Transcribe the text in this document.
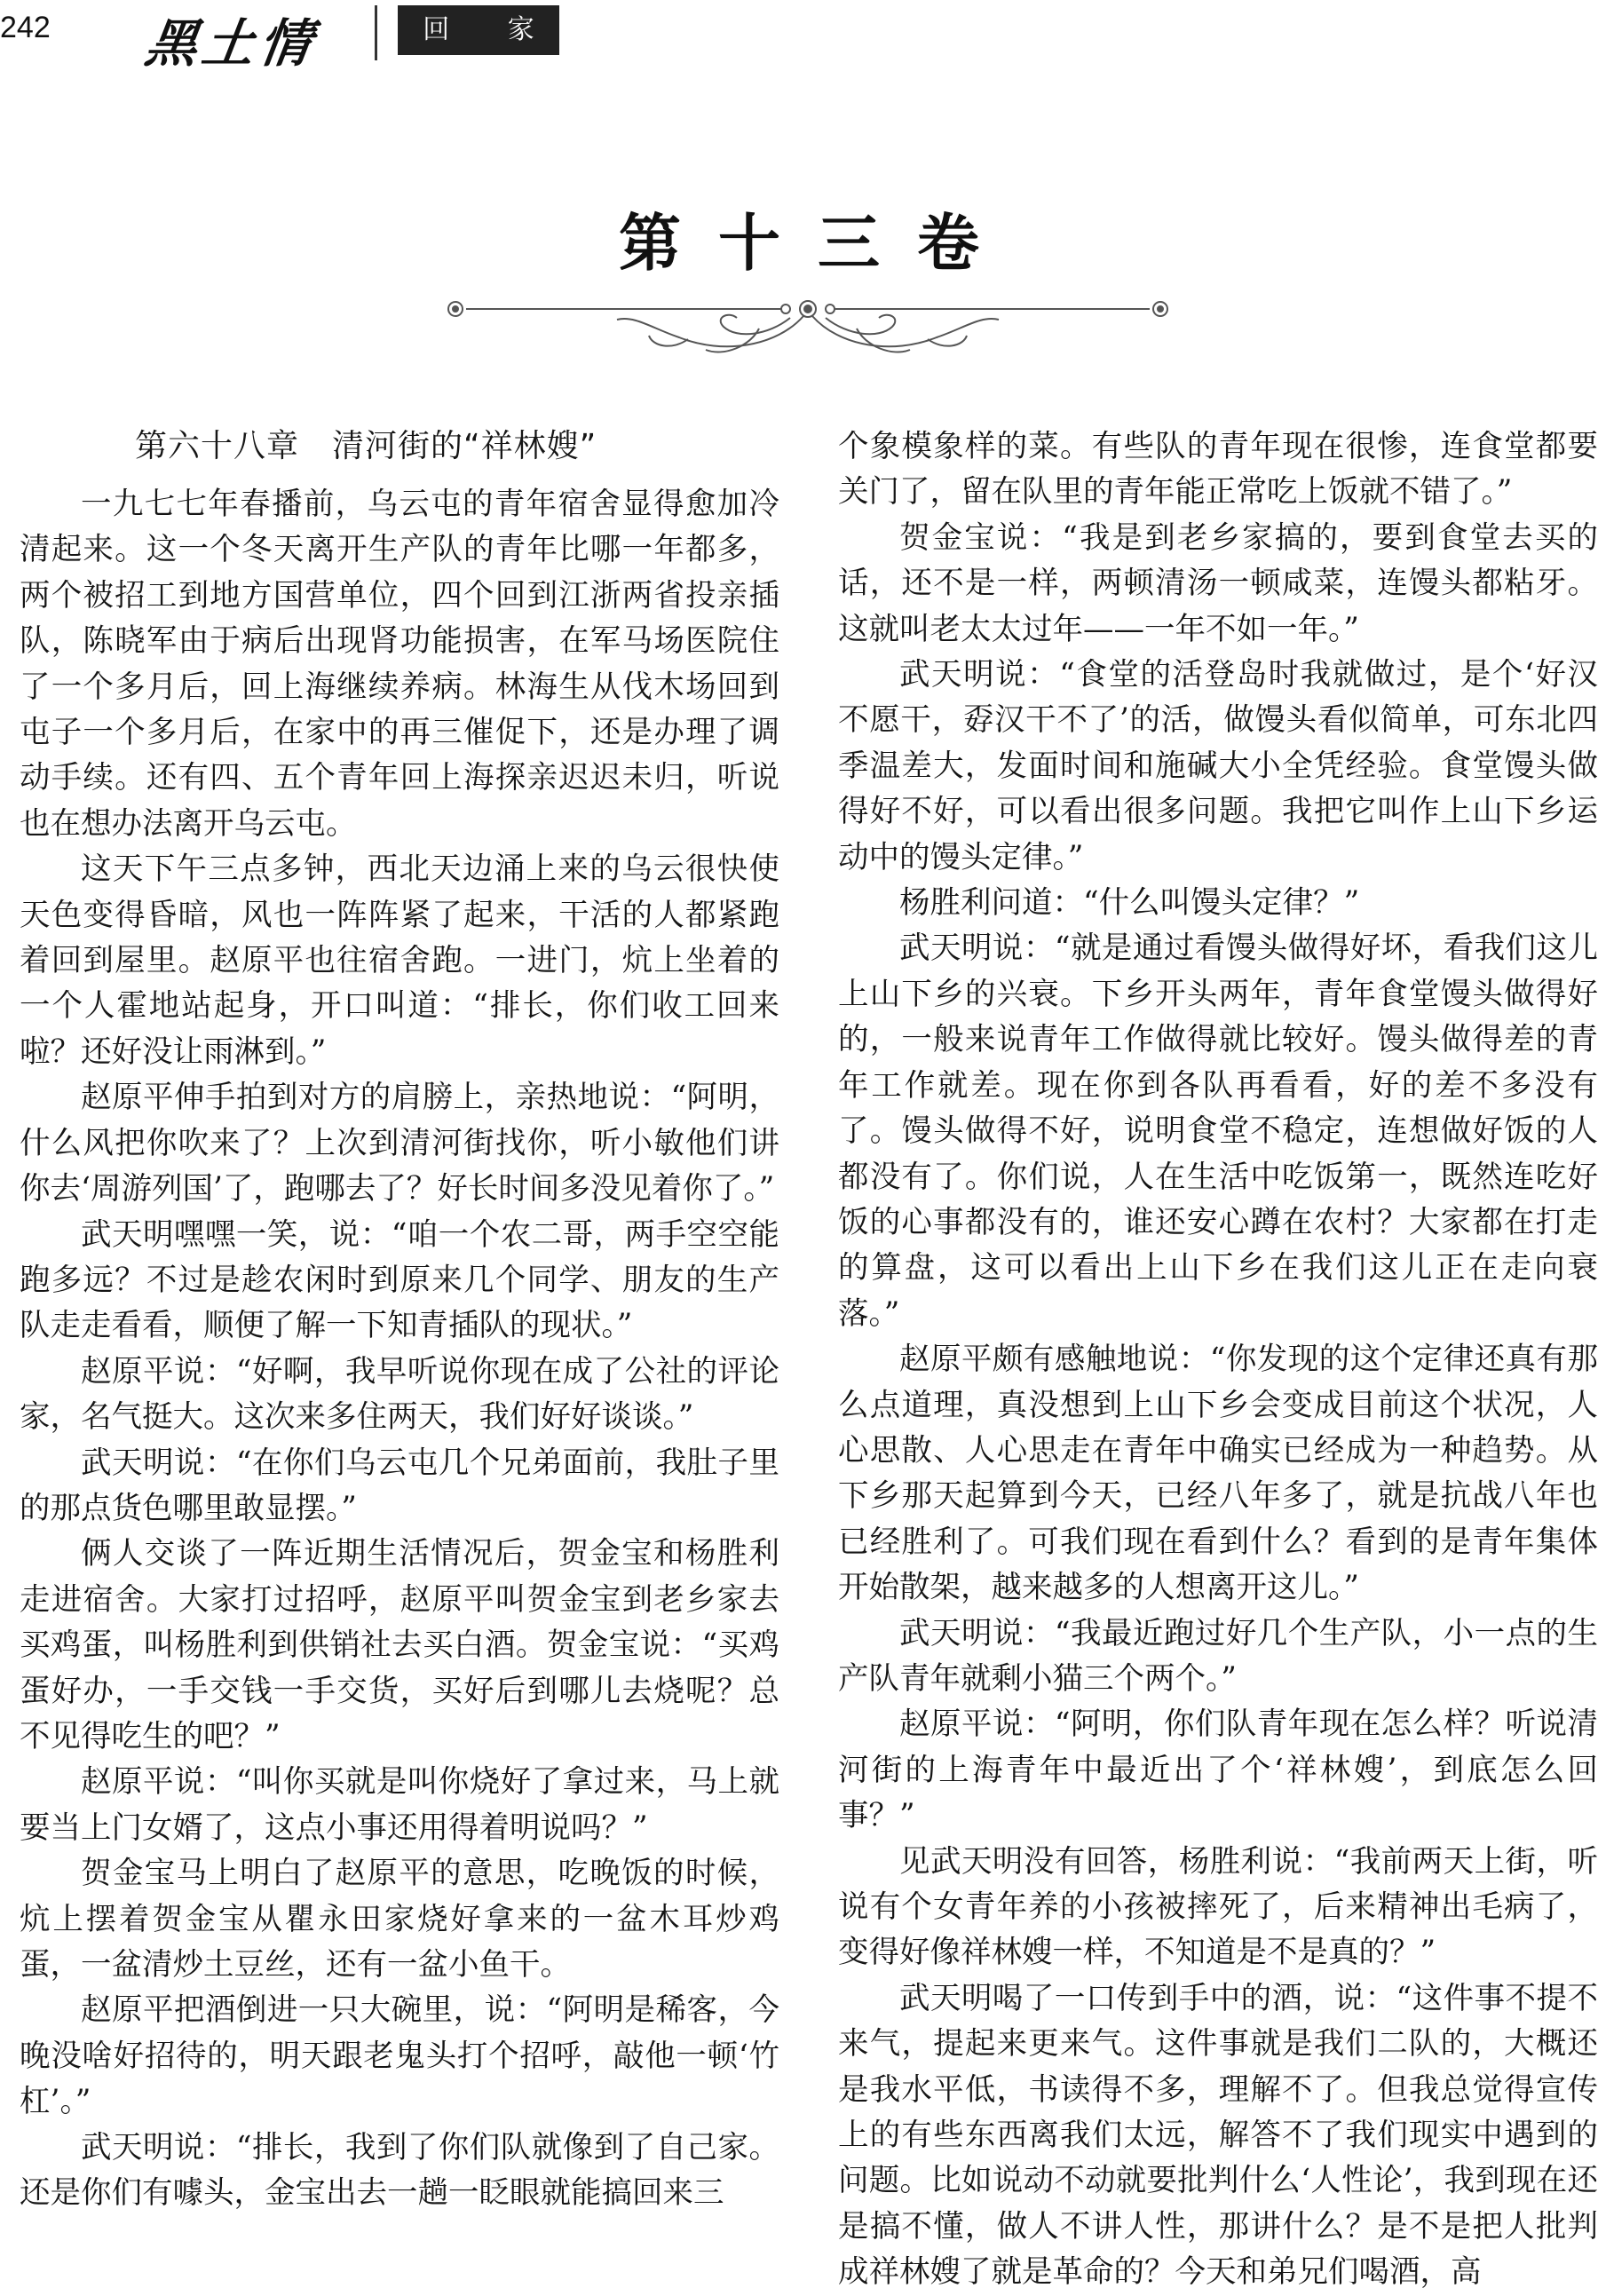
242 黑土情	回 家
第十三卷
第六十八章　清河街的“祥林嫂”

一九七七年春播前，乌云屯的青年宿舍显得愈加冷清起来。这一个冬天离开生产队的青年比哪一年都多，两个被招工到地方国营单位，四个回到江浙两省投亲插队，陈晓军由于病后出现肾功能损害，在军马场医院住了一个多月后，回上海继续养病。林海生从伐木场回到屯子一个多月后，在家中的再三催促下，还是办理了调动手续。还有四、五个青年回上海探亲迟迟未归，听说也在想办法离开乌云屯。

这天下午三点多钟，西北天边涌上来的乌云很快使天色变得昏暗，风也一阵阵紧了起来，干活的人都紧跑着回到屋里。赵原平也往宿舍跑。一进门，炕上坐着的一个人霍地站起身，开口叫道：“排长，你们收工回来啦？还好没让雨淋到。”

赵原平伸手拍到对方的肩膀上，亲热地说：“阿明，什么风把你吹来了？上次到清河街找你，听小敏他们讲你去‘周游列国’了，跑哪去了？好长时间多没见着你了。”

武天明嘿嘿一笑，说：“咱一个农二哥，两手空空能跑多远？不过是趁农闲时到原来几个同学、朋友的生产队走走看看，顺便了解一下知青插队的现状。”

赵原平说：“好啊，我早听说你现在成了公社的评论家，名气挺大。这次来多住两天，我们好好谈谈。”

武天明说：“在你们乌云屯几个兄弟面前，我肚子里的那点货色哪里敢显摆。”

俩人交谈了一阵近期生活情况后，贺金宝和杨胜利走进宿舍。大家打过招呼，赵原平叫贺金宝到老乡家去买鸡蛋，叫杨胜利到供销社去买白酒。贺金宝说：“买鸡蛋好办，一手交钱一手交货，买好后到哪儿去烧呢？总不见得吃生的吧？”

赵原平说：“叫你买就是叫你烧好了拿过来，马上就要当上门女婿了，这点小事还用得着明说吗？”

贺金宝马上明白了赵原平的意思，吃晚饭的时候，炕上摆着贺金宝从瞿永田家烧好拿来的一盆木耳炒鸡蛋，一盆清炒土豆丝，还有一盆小鱼干。

赵原平把酒倒进一只大碗里，说：“阿明是稀客，今晚没啥好招待的，明天跟老鬼头打个招呼，敲他一顿‘竹杠’。”

武天明说：“排长，我到了你们队就像到了自己家。还是你们有噱头，金宝出去一趟一眨眼就能搞回来三

个象模象样的菜。有些队的青年现在很惨，连食堂都要关门了，留在队里的青年能正常吃上饭就不错了。”

贺金宝说：“我是到老乡家搞的，要到食堂去买的话，还不是一样，两顿清汤一顿咸菜，连馒头都粘牙。这就叫老太太过年——一年不如一年。”

武天明说：“食堂的活登岛时我就做过，是个‘好汉不愿干，孬汉干不了’的活，做馒头看似简单，可东北四季温差大，发面时间和施碱大小全凭经验。食堂馒头做得好不好，可以看出很多问题。我把它叫作上山下乡运动中的馒头定律。”

杨胜利问道：“什么叫馒头定律？”

武天明说：“就是通过看馒头做得好坏，看我们这儿上山下乡的兴衰。下乡开头两年，青年食堂馒头做得好的，一般来说青年工作做得就比较好。馒头做得差的青年工作就差。现在你到各队再看看，好的差不多没有了。馒头做得不好，说明食堂不稳定，连想做好饭的人都没有了。你们说，人在生活中吃饭第一，既然连吃好饭的心事都没有的，谁还安心蹲在农村？大家都在打走的算盘，这可以看出上山下乡在我们这儿正在走向衰落。”

赵原平颇有感触地说：“你发现的这个定律还真有那么点道理，真没想到上山下乡会变成目前这个状况，人心思散、人心思走在青年中确实已经成为一种趋势。从下乡那天起算到今天，已经八年多了，就是抗战八年也已经胜利了。可我们现在看到什么？看到的是青年集体开始散架，越来越多的人想离开这儿。”

武天明说：“我最近跑过好几个生产队，小一点的生产队青年就剩小猫三个两个。”

赵原平说：“阿明，你们队青年现在怎么样？听说清河街的上海青年中最近出了个‘祥林嫂’，到底怎么回事？”

见武天明没有回答，杨胜利说：“我前两天上街，听说有个女青年养的小孩被摔死了，后来精神出毛病了，变得好像祥林嫂一样，不知道是不是真的？”

武天明喝了一口传到手中的酒，说：“这件事不提不来气，提起来更来气。这件事就是我们二队的，大概还是我水平低，书读得不多，理解不了。但我总觉得宣传上的有些东西离我们太远，解答不了我们现实中遇到的问题。比如说动不动就要批判什么‘人性论’，我到现在还是搞不懂，做人不讲人性，那讲什么？是不是把人批判成祥林嫂了就是革命的？今天和弟兄们喝酒，高
